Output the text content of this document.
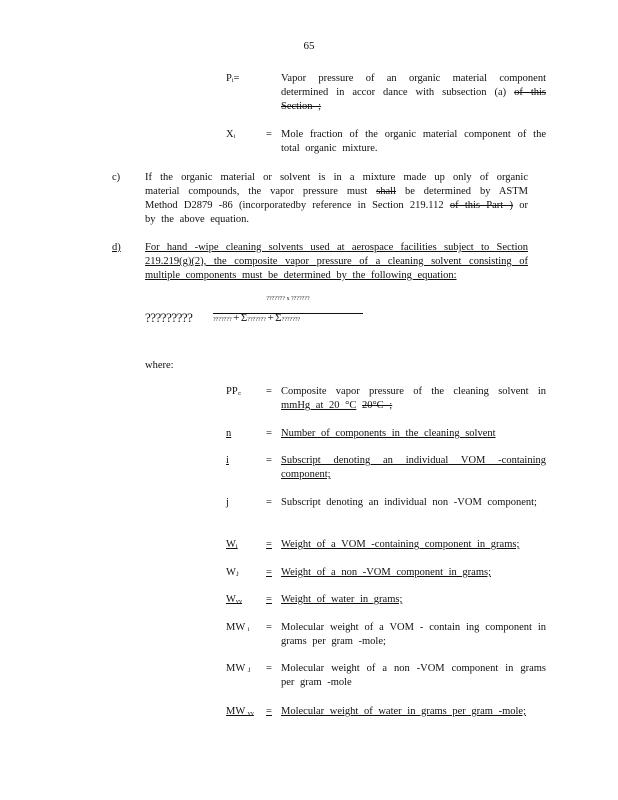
65
Pᵢ=	Vapor pressure of an organic material component determined in accor dance with subsection (a) of this Section ;
Xᵢ	= Mole fraction of the organic material component of the total organic mixture.
c) If the organic material or solvent is in a mixture made up only of organic material compounds, the vapor pressure must shall be determined by ASTM Method D2879 -86 (incorporatedby reference in Section 219.112 of this Part ) or by the above equation.
d) For hand -wipe cleaning solvents used at aerospace facilities subject to Section 219.219(g)(2), the composite vapor pressure of a cleaning solvent consisting of multiple components must be determined by the following equation:
?????????
??????? x ???????
??????? + Σ??????? + Σ???????
where:
PP꜀	= Composite vapor pressure of the cleaning solvent in mmHg at 20 °C 20°C ;
n	= Number of components in the cleaning solvent
i	= Subscript denoting an individual VOM -containing component;
j	= Subscript denoting an individual non -VOM component;
Wᵢ	= Weight of a VOM -containing component in grams;
Wⱼ	= Weight of a non -VOM component in grams;
Wᵥᵥ	= Weight of water in grams;
MW ᵢ	= Molecular weight of a VOM - contain ing component in grams per gram -mole;
MW ⱼ	= Molecular weight of a non -VOM component in grams per gram -mole
MW ᵥᵥ	= Molecular weight of water in grams per gram -mole;
